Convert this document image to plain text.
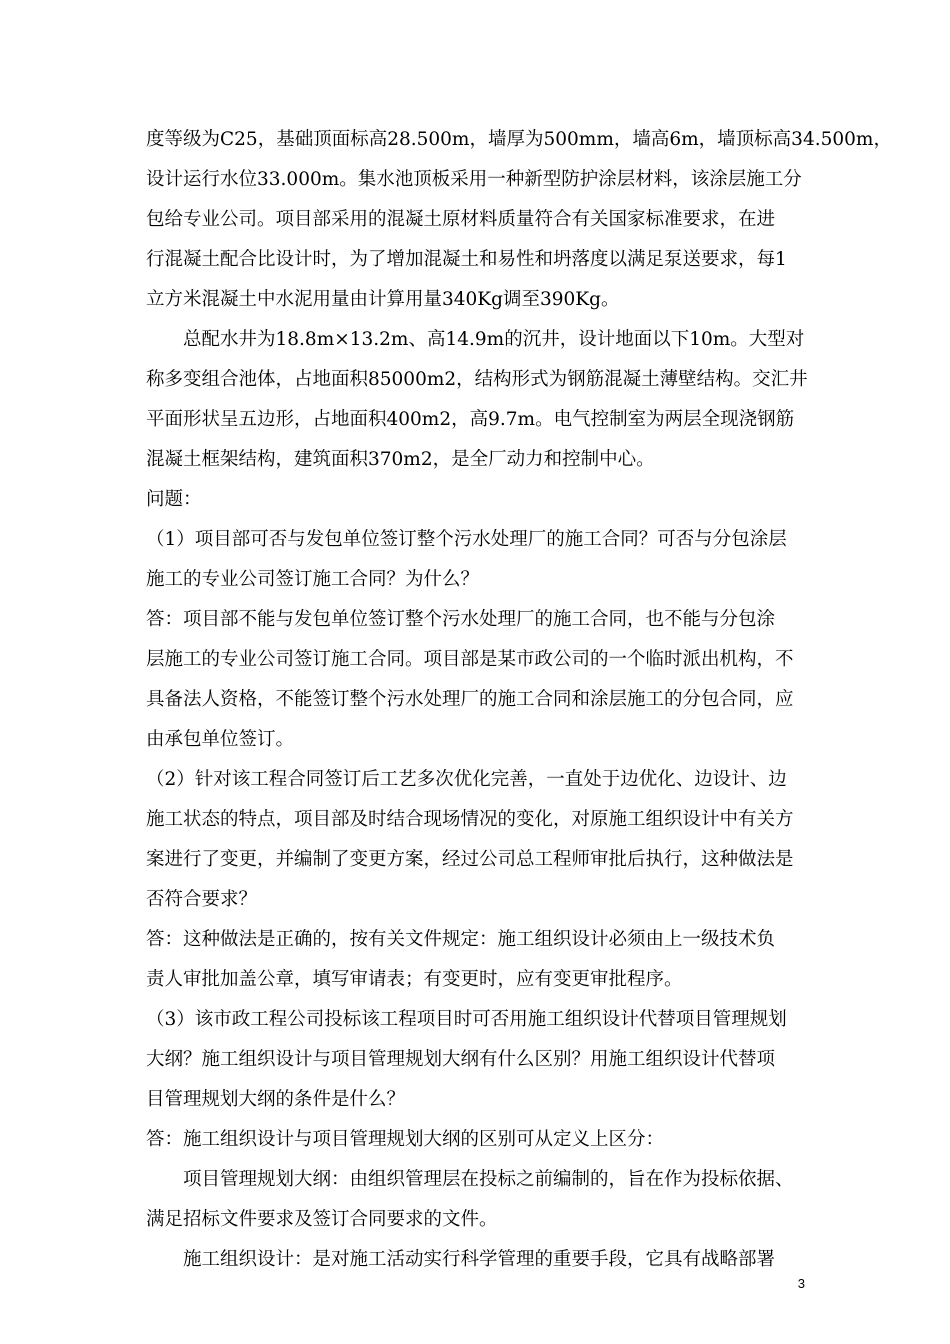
度等级为C25，基础顶面标高28.500m，墙厚为500mm，墙高6m，墙顶标高34.500m，
设计运行水位33.000m。集水池顶板采用一种新型防护涂层材料，该涂层施工分
包给专业公司。项目部采用的混凝土原材料质量符合有关国家标准要求，在进
行混凝土配合比设计时，为了增加混凝土和易性和坍落度以满足泵送要求，每1
立方米混凝土中水泥用量由计算用量340Kg调至390Kg。
　　总配水井为18.8m×13.2m、高14.9m的沉井，设计地面以下10m。大型对
称多变组合池体，占地面积85000m2，结构形式为钢筋混凝土薄壁结构。交汇井
平面形状呈五边形，占地面积400m2，高9.7m。电气控制室为两层全现浇钢筋
混凝土框架结构，建筑面积370m2，是全厂动力和控制中心。
问题：
（1）项目部可否与发包单位签订整个污水处理厂的施工合同？可否与分包涂层
施工的专业公司签订施工合同？为什么？
答：项目部不能与发包单位签订整个污水处理厂的施工合同，也不能与分包涂
层施工的专业公司签订施工合同。项目部是某市政公司的一个临时派出机构，不
具备法人资格，不能签订整个污水处理厂的施工合同和涂层施工的分包合同，应
由承包单位签订。
（2）针对该工程合同签订后工艺多次优化完善，一直处于边优化、边设计、边
施工状态的特点，项目部及时结合现场情况的变化，对原施工组织设计中有关方
案进行了变更，并编制了变更方案，经过公司总工程师审批后执行，这种做法是
否符合要求？
答：这种做法是正确的，按有关文件规定：施工组织设计必须由上一级技术负
责人审批加盖公章，填写审请表；有变更时，应有变更审批程序。
（3）该市政工程公司投标该工程项目时可否用施工组织设计代替项目管理规划
大纲？施工组织设计与项目管理规划大纲有什么区别？用施工组织设计代替项
目管理规划大纲的条件是什么？
答：施工组织设计与项目管理规划大纲的区别可从定义上区分：
　　项目管理规划大纲：由组织管理层在投标之前编制的，旨在作为投标依据、
满足招标文件要求及签订合同要求的文件。
　　施工组织设计：是对施工活动实行科学管理的重要手段，它具有战略部署
3
